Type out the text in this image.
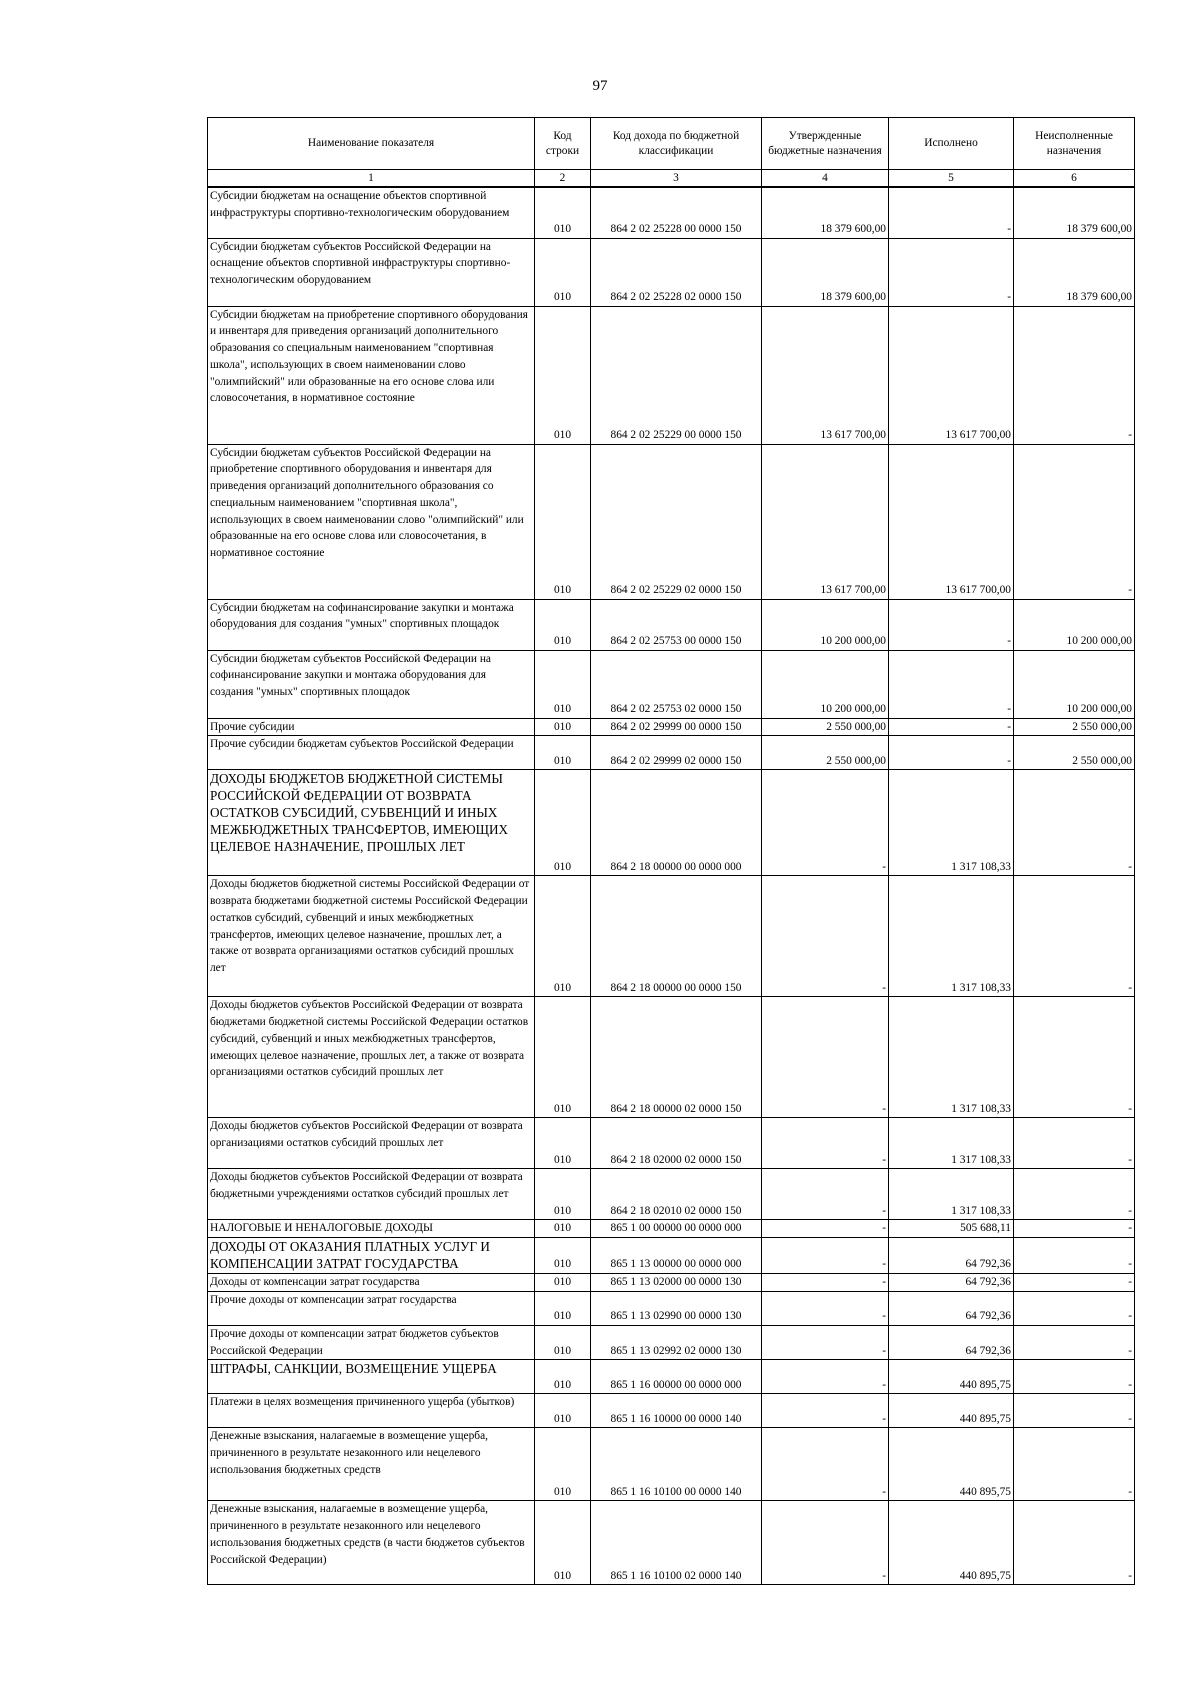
97
Наименование показателя	Код строки	Код дохода по бюджетной классификации	Утвержденные бюджетные назначения	Исполнено	Неисполненные назначения
1	2	3	4	5	6
Субсидии бюджетам на оснащение объектов спортивной инфраструктуры спортивно-технологическим оборудованием	010	864 2 02 25228 00 0000 150	18 379 600,00	-	18 379 600,00
Субсидии бюджетам субъектов Российской Федерации на оснащение объектов спортивной инфраструктуры спортивно-технологическим оборудованием	010	864 2 02 25228 02 0000 150	18 379 600,00	-	18 379 600,00
Субсидии бюджетам на приобретение спортивного оборудования и инвентаря для приведения организаций дополнительного образования со специальным наименованием "спортивная школа", использующих в своем наименовании слово "олимпийский" или образованные на его основе слова или словосочетания, в нормативное состояние	010	864 2 02 25229 00 0000 150	13 617 700,00	13 617 700,00	-
Субсидии бюджетам субъектов Российской Федерации на приобретение спортивного оборудования и инвентаря для приведения организаций дополнительного образования со специальным наименованием "спортивная школа", использующих в своем наименовании слово "олимпийский" или образованные на его основе слова или словосочетания, в нормативное состояние	010	864 2 02 25229 02 0000 150	13 617 700,00	13 617 700,00	-
Субсидии бюджетам на софинансирование закупки и монтажа оборудования для создания "умных" спортивных площадок	010	864 2 02 25753 00 0000 150	10 200 000,00	-	10 200 000,00
Субсидии бюджетам субъектов Российской Федерации на софинансирование закупки и монтажа оборудования для создания "умных" спортивных площадок	010	864 2 02 25753 02 0000 150	10 200 000,00	-	10 200 000,00
Прочие субсидии	010	864 2 02 29999 00 0000 150	2 550 000,00	-	2 550 000,00
Прочие субсидии бюджетам субъектов Российской Федерации	010	864 2 02 29999 02 0000 150	2 550 000,00	-	2 550 000,00
ДОХОДЫ БЮДЖЕТОВ БЮДЖЕТНОЙ СИСТЕМЫ РОССИЙСКОЙ ФЕДЕРАЦИИ ОТ ВОЗВРАТА ОСТАТКОВ СУБСИДИЙ, СУБВЕНЦИЙ И ИНЫХ МЕЖБЮДЖЕТНЫХ ТРАНСФЕРТОВ, ИМЕЮЩИХ ЦЕЛЕВОЕ НАЗНАЧЕНИЕ, ПРОШЛЫХ ЛЕТ	010	864 2 18 00000 00 0000 000	-	1 317 108,33	-
Доходы бюджетов бюджетной системы Российской Федерации от возврата бюджетами бюджетной системы Российской Федерации остатков субсидий, субвенций и иных межбюджетных трансфертов, имеющих целевое назначение, прошлых лет, а также от возврата организациями остатков субсидий прошлых лет	010	864 2 18 00000 00 0000 150	-	1 317 108,33	-
Доходы бюджетов субъектов Российской Федерации от возврата бюджетами бюджетной системы Российской Федерации остатков субсидий, субвенций и иных межбюджетных трансфертов, имеющих целевое назначение, прошлых лет, а также от возврата организациями остатков субсидий прошлых лет	010	864 2 18 00000 02 0000 150	-	1 317 108,33	-
Доходы бюджетов субъектов Российской Федерации от возврата организациями остатков субсидий прошлых лет	010	864 2 18 02000 02 0000 150	-	1 317 108,33	-
Доходы бюджетов субъектов Российской Федерации от возврата бюджетными учреждениями остатков субсидий прошлых лет	010	864 2 18 02010 02 0000 150	-	1 317 108,33	-
НАЛОГОВЫЕ И НЕНАЛОГОВЫЕ ДОХОДЫ	010	865 1 00 00000 00 0000 000	-	505 688,11	-
ДОХОДЫ ОТ ОКАЗАНИЯ ПЛАТНЫХ УСЛУГ И КОМПЕНСАЦИИ ЗАТРАТ ГОСУДАРСТВА	010	865 1 13 00000 00 0000 000	-	64 792,36	-
Доходы от компенсации затрат государства	010	865 1 13 02000 00 0000 130	-	64 792,36	-
Прочие доходы от компенсации затрат государства	010	865 1 13 02990 00 0000 130	-	64 792,36	-
Прочие доходы от компенсации затрат бюджетов субъектов Российской Федерации	010	865 1 13 02992 02 0000 130	-	64 792,36	-
ШТРАФЫ, САНКЦИИ, ВОЗМЕЩЕНИЕ УЩЕРБА	010	865 1 16 00000 00 0000 000	-	440 895,75	-
Платежи в целях возмещения причиненного ущерба (убытков)	010	865 1 16 10000 00 0000 140	-	440 895,75	-
Денежные взыскания, налагаемые в возмещение ущерба, причиненного в результате незаконного или нецелевого использования бюджетных средств	010	865 1 16 10100 00 0000 140	-	440 895,75	-
Денежные взыскания, налагаемые в возмещение ущерба, причиненного в результате незаконного или нецелевого использования бюджетных средств (в части бюджетов субъектов Российской Федерации)	010	865 1 16 10100 02 0000 140	-	440 895,75	-
